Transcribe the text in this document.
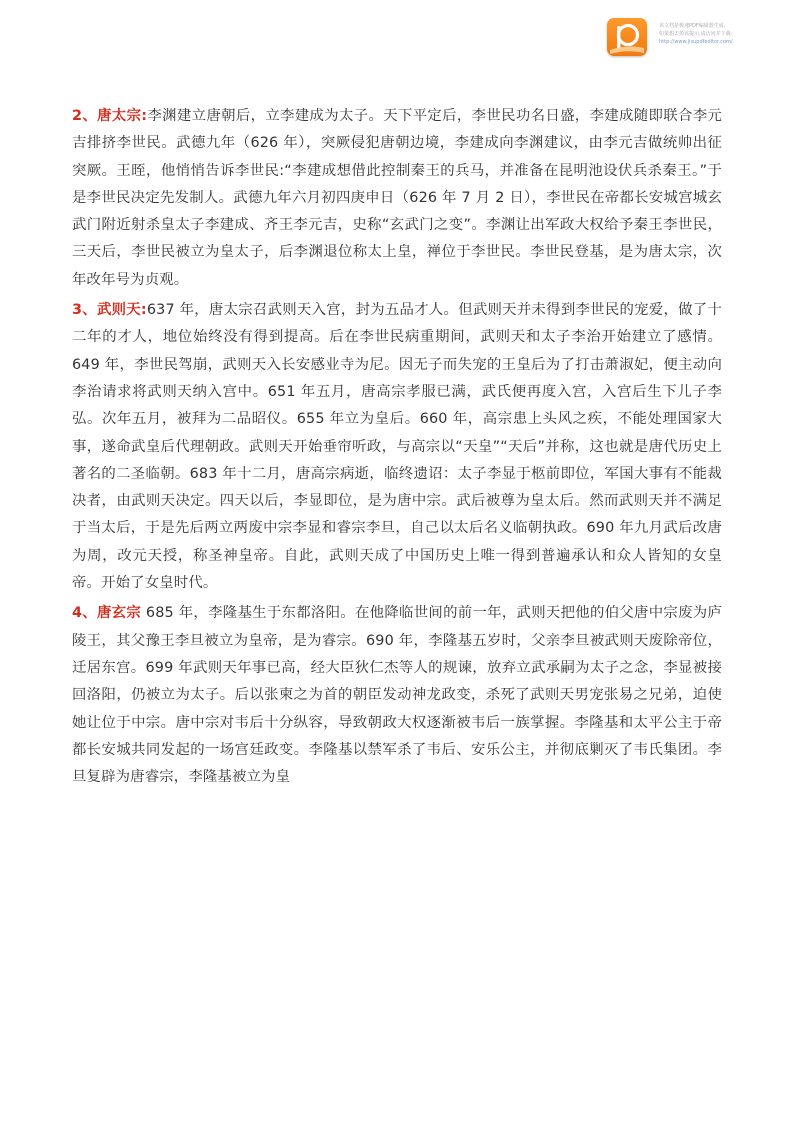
该文档是极速PDF编辑器生成,
如果想去掉该提示,请访问并下载:
http://www.jisupdfeditor.com/

2、唐太宗:李渊建立唐朝后，立李建成为太子。天下平定后，李世民功名日盛，李建成随即联合李元吉排挤李世民。武德九年（626 年），突厥侵犯唐朝边境，李建成向李渊建议，由李元吉做统帅出征突厥。王晊，他悄悄告诉李世民:“李建成想借此控制秦王的兵马，并准备在昆明池设伏兵杀秦王。”于是李世民决定先发制人。武德九年六月初四庚申日（626 年 7 月 2 日），李世民在帝都长安城宫城玄武门附近射杀皇太子李建成、齐王李元吉，史称“玄武门之变”。李渊让出军政大权给予秦王李世民，三天后，李世民被立为皇太子，后李渊退位称太上皇，禅位于李世民。李世民登基，是为唐太宗，次年改年号为贞观。

3、武则天:637 年，唐太宗召武则天入宫，封为五品才人。但武则天并未得到李世民的宠爱，做了十二年的才人，地位始终没有得到提高。后在李世民病重期间，武则天和太子李治开始建立了感情。649 年，李世民驾崩，武则天入长安感业寺为尼。因无子而失宠的王皇后为了打击萧淑妃，便主动向李治请求将武则天纳入宫中。651 年五月，唐高宗孝服已满，武氏便再度入宫，入宫后生下儿子李弘。次年五月，被拜为二品昭仪。655 年立为皇后。660 年，高宗患上头风之疾，不能处理国家大事，遂命武皇后代理朝政。武则天开始垂帘听政，与高宗以“天皇”“天后”并称，这也就是唐代历史上著名的二圣临朝。683 年十二月，唐高宗病逝，临终遗诏：太子李显于柩前即位，军国大事有不能裁决者，由武则天决定。四天以后，李显即位，是为唐中宗。武后被尊为皇太后。然而武则天并不满足于当太后，于是先后两立两废中宗李显和睿宗李旦，自己以太后名义临朝执政。690 年九月武后改唐为周，改元天授，称圣神皇帝。自此，武则天成了中国历史上唯一得到普遍承认和众人皆知的女皇帝。开始了女皇时代。

4、唐玄宗 685 年，李隆基生于东都洛阳。在他降临世间的前一年，武则天把他的伯父唐中宗废为庐陵王，其父豫王李旦被立为皇帝，是为睿宗。690 年，李隆基五岁时，父亲李旦被武则天废除帝位，迁居东宫。699 年武则天年事已高，经大臣狄仁杰等人的规谏，放弃立武承嗣为太子之念，李显被接回洛阳，仍被立为太子。后以张柬之为首的朝臣发动神龙政变，杀死了武则天男宠张易之兄弟，迫使她让位于中宗。唐中宗对韦后十分纵容，导致朝政大权逐渐被韦后一族掌握。李隆基和太平公主于帝都长安城共同发起的一场宫廷政变。李隆基以禁军杀了韦后、安乐公主，并彻底剿灭了韦氏集团。李旦复辟为唐睿宗，李隆基被立为皇
